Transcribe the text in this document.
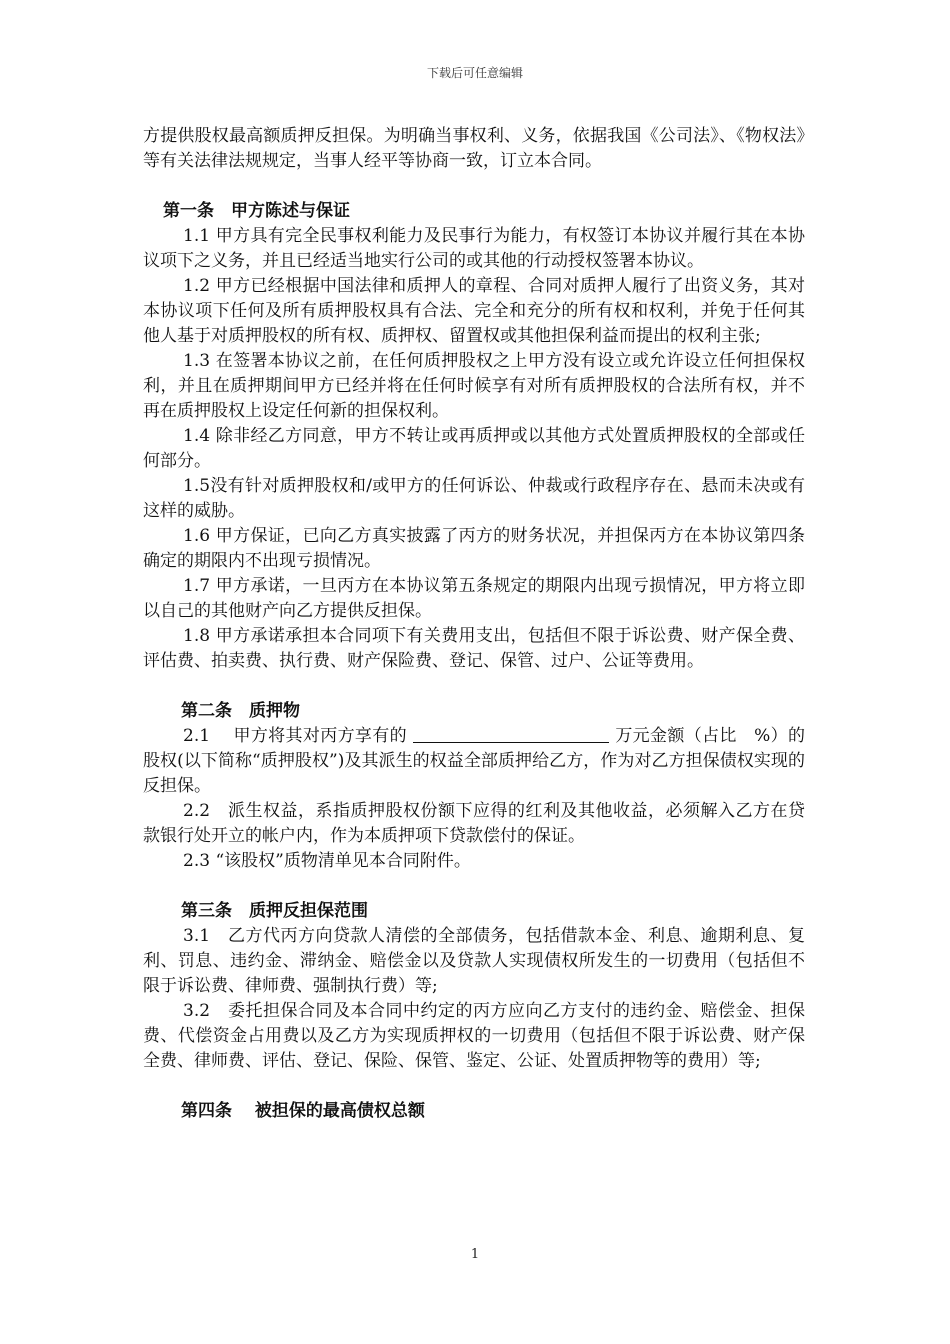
下载后可任意编辑

方提供股权最高额质押反担保。为明确当事权利、义务，依据我国《公司法》、《物权法》等有关法律法规规定，当事人经平等协商一致，订立本合同。

第一条　甲方陈述与保证

1.1 甲方具有完全民事权利能力及民事行为能力，有权签订本协议并履行其在本协议项下之义务，并且已经适当地实行公司的或其他的行动授权签署本协议。

1.2 甲方已经根据中国法律和质押人的章程、合同对质押人履行了出资义务，其对本协议项下任何及所有质押股权具有合法、完全和充分的所有权和权利，并免于任何其他人基于对质押股权的所有权、质押权、留置权或其他担保利益而提出的权利主张;

1.3 在签署本协议之前，在任何质押股权之上甲方没有设立或允许设立任何担保权利，并且在质押期间甲方已经并将在任何时候享有对所有质押股权的合法所有权，并不再在质押股权上设定任何新的担保权利。

1.4 除非经乙方同意，甲方不转让或再质押或以其他方式处置质押股权的全部或任何部分。

1.5没有针对质押股权和/或甲方的任何诉讼、仲裁或行政程序存在、悬而未决或有这样的威胁。

1.6 甲方保证，已向乙方真实披露了丙方的财务状况，并担保丙方在本协议第四条确定的期限内不出现亏损情况。

1.7 甲方承诺，一旦丙方在本协议第五条规定的期限内出现亏损情况，甲方将立即以自己的其他财产向乙方提供反担保。

1.8 甲方承诺承担本合同项下有关费用支出，包括但不限于诉讼费、财产保全费、评估费、拍卖费、执行费、财产保险费、登记、保管、过户、公证等费用。

第二条　质押物

2.1　 甲方将其对丙方享有的	万元金额（占比　%）的股权(以下简称“质押股权”)及其派生的权益全部质押给乙方，作为对乙方担保债权实现的反担保。

2.2　派生权益，系指质押股权份额下应得的红利及其他收益，必须解入乙方在贷款银行处开立的帐户内，作为本质押项下贷款偿付的保证。

2.3 “该股权”质物清单见本合同附件。

第三条　质押反担保范围

3.1　乙方代丙方向贷款人清偿的全部债务，包括借款本金、利息、逾期利息、复利、罚息、违约金、滞纳金、赔偿金以及贷款人实现债权所发生的一切费用（包括但不限于诉讼费、律师费、强制执行费）等;

3.2　委托担保合同及本合同中约定的丙方应向乙方支付的违约金、赔偿金、担保费、代偿资金占用费以及乙方为实现质押权的一切费用（包括但不限于诉讼费、财产保全费、律师费、评估、登记、保险、保管、鉴定、公证、处置质押物等的费用）等;

第四条　 被担保的最高债权总额

1
